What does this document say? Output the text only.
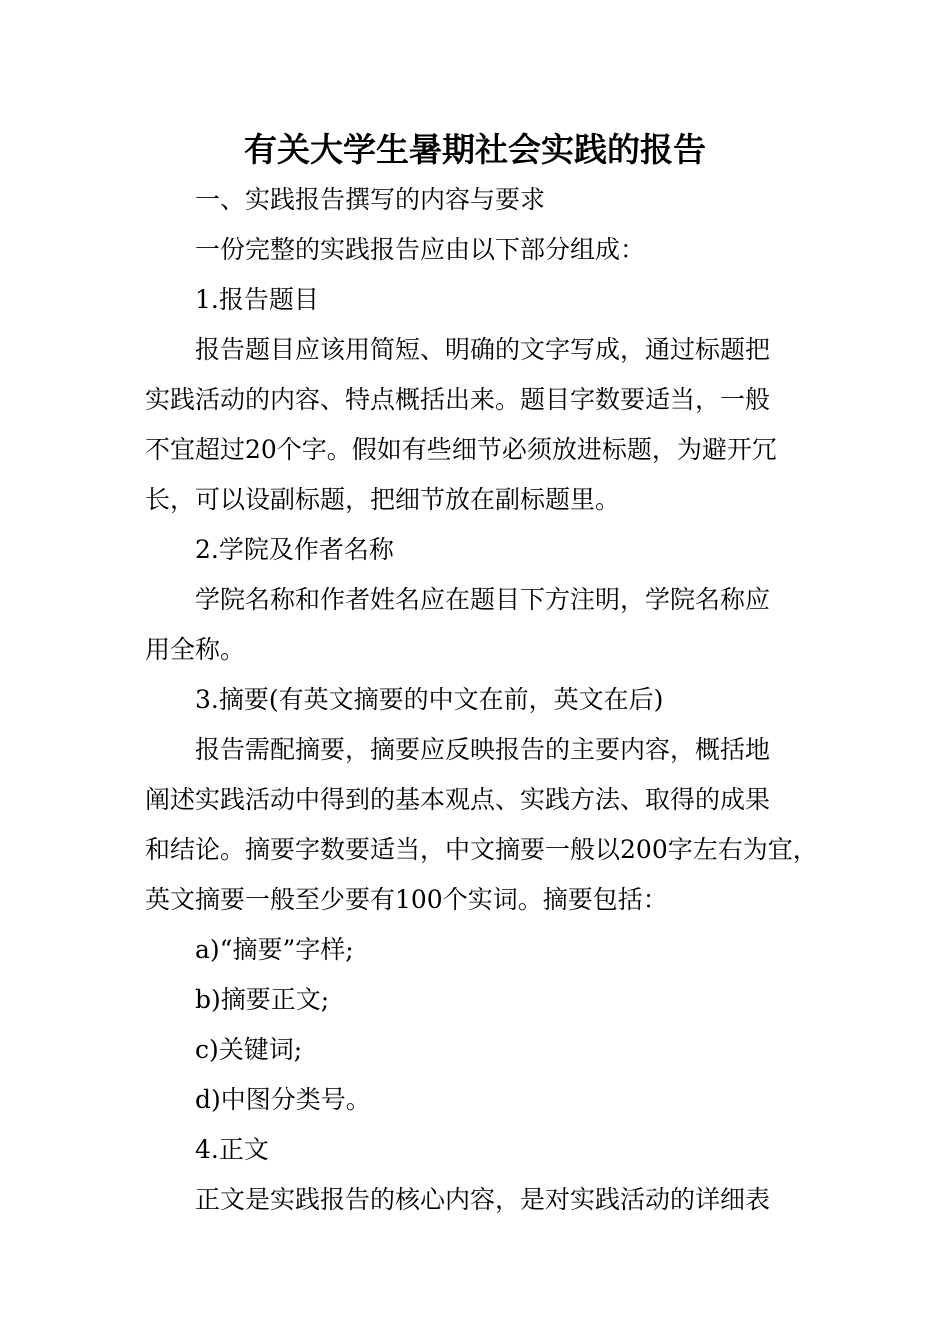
有关大学生暑期社会实践的报告

一、实践报告撰写的内容与要求

一份完整的实践报告应由以下部分组成：

1.报告题目

报告题目应该用简短、明确的文字写成，通过标题把

实践活动的内容、特点概括出来。题目字数要适当，一般

不宜超过20个字。假如有些细节必须放进标题，为避开冗

长，可以设副标题，把细节放在副标题里。

2.学院及作者名称

学院名称和作者姓名应在题目下方注明，学院名称应

用全称。

3.摘要(有英文摘要的中文在前，英文在后)

报告需配摘要，摘要应反映报告的主要内容，概括地

阐述实践活动中得到的基本观点、实践方法、取得的成果

和结论。摘要字数要适当，中文摘要一般以200字左右为宜，

英文摘要一般至少要有100个实词。摘要包括：

a)“摘要”字样;

b)摘要正文;

c)关键词;

d)中图分类号。

4.正文

正文是实践报告的核心内容，是对实践活动的详细表
